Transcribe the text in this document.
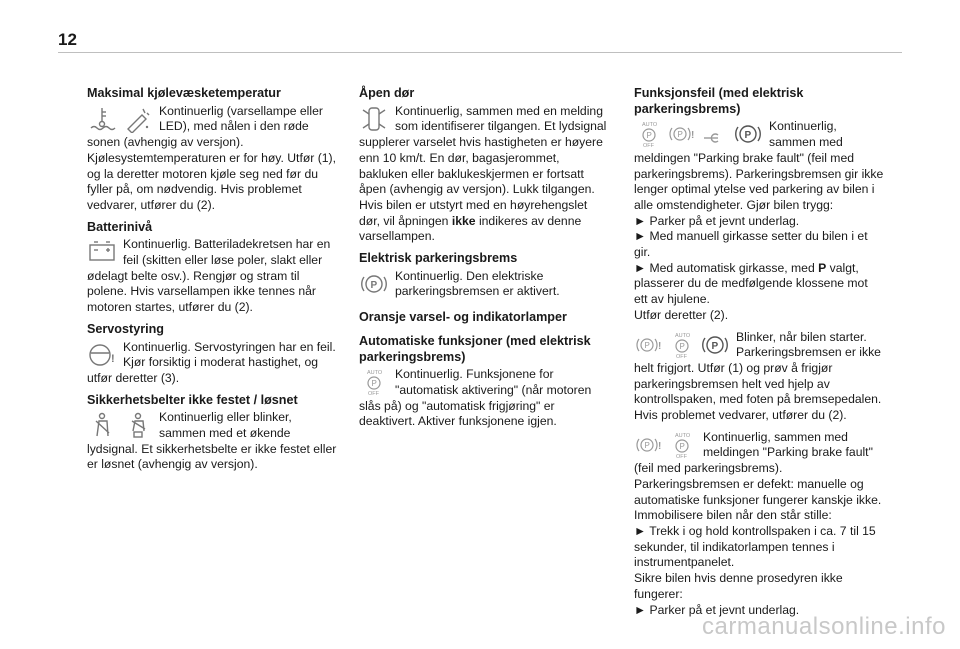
12
Maksimal kjølevæsketemperatur

Kontinuerlig (varsellampe eller LED), med nålen i den røde sonen (avhengig av versjon). Kjølesystemtemperaturen er for høy. Utfør (1), og la deretter motoren kjøle seg ned før du fyller på, om nødvendig. Hvis problemet vedvarer, utfører du (2).

Batterinivå

Kontinuerlig. Batteriladekretsen har en feil (skitten eller løse poler, slakt eller ødelagt belte osv.). Rengjør og stram til polene. Hvis varsellampen ikke tennes når motoren startes, utfører du (2).

Servostyring
!

Kontinuerlig. Servostyringen har en feil. Kjør forsiktig i moderat hastighet, og utfør deretter (3).

Sikkerhetsbelter ikke festet / løsnet

Kontinuerlig eller blinker, sammen med et økende lydsignal. Et sikkerhetsbelte er ikke festet eller er løsnet (avhengig av versjon).

Åpen dør

Kontinuerlig, sammen med en melding som identifiserer tilgangen. Et lydsignal supplerer varselet hvis hastigheten er høyere enn 10 km/t. En dør, bagasjerommet, bakluken eller baklukeskjermen er fortsatt åpen (avhengig av versjon). Lukk tilgangen. Hvis bilen er utstyrt med en høyrehengslet dør, vil åpningen ikke indikeres av denne varsellampen.

Elektrisk parkeringsbrems
P

Kontinuerlig. Den elektriske parkeringsbremsen er aktivert.

Oransje varsel- og indikatorlamper
Automatiske funksjoner (med elektrisk parkeringsbrems)
AUTO
P
OFF

Kontinuerlig. Funksjonene for "automatisk aktivering" (når motoren slås på) og "automatisk frigjøring" er deaktivert. Aktiver funksjonene igjen.

Funksjonsfeil (med elektrisk parkeringsbrems)
AUTO
P
OFF
P !	P

Kontinuerlig, sammen med meldingen "Parking brake fault" (feil med parkeringsbrems). Parkeringsbremsen gir ikke lenger optimal ytelse ved parkering av bilen i alle omstendigheter. Gjør bilen trygg:

► Parker på et jevnt underlag.

► Med manuell girkasse setter du bilen i et gir.

► Med automatisk girkasse, med P valgt, plasserer du de medfølgende klossene mot ett av hjulene.

Utfør deretter (2).

P !
AUTO
P
OFF
P

Blinker, når bilen starter. Parkeringsbremsen er ikke helt frigjort. Utfør (1) og prøv å frigjør parkeringsbremsen helt ved hjelp av kontrollspaken, med foten på bremsepedalen. Hvis problemet vedvarer, utfører du (2).

P !
AUTO
P
OFF

Kontinuerlig, sammen med meldingen "Parking brake fault" (feil med parkeringsbrems). Parkeringsbremsen er defekt: manuelle og automatiske funksjoner fungerer kanskje ikke. Immobilisere bilen når den står stille:

► Trekk i og hold kontrollspaken i ca. 7 til 15 sekunder, til indikatorlampen tennes i instrumentpanelet.

Sikre bilen hvis denne prosedyren ikke fungerer:

► Parker på et jevnt underlag.

carmanualsonline.info
